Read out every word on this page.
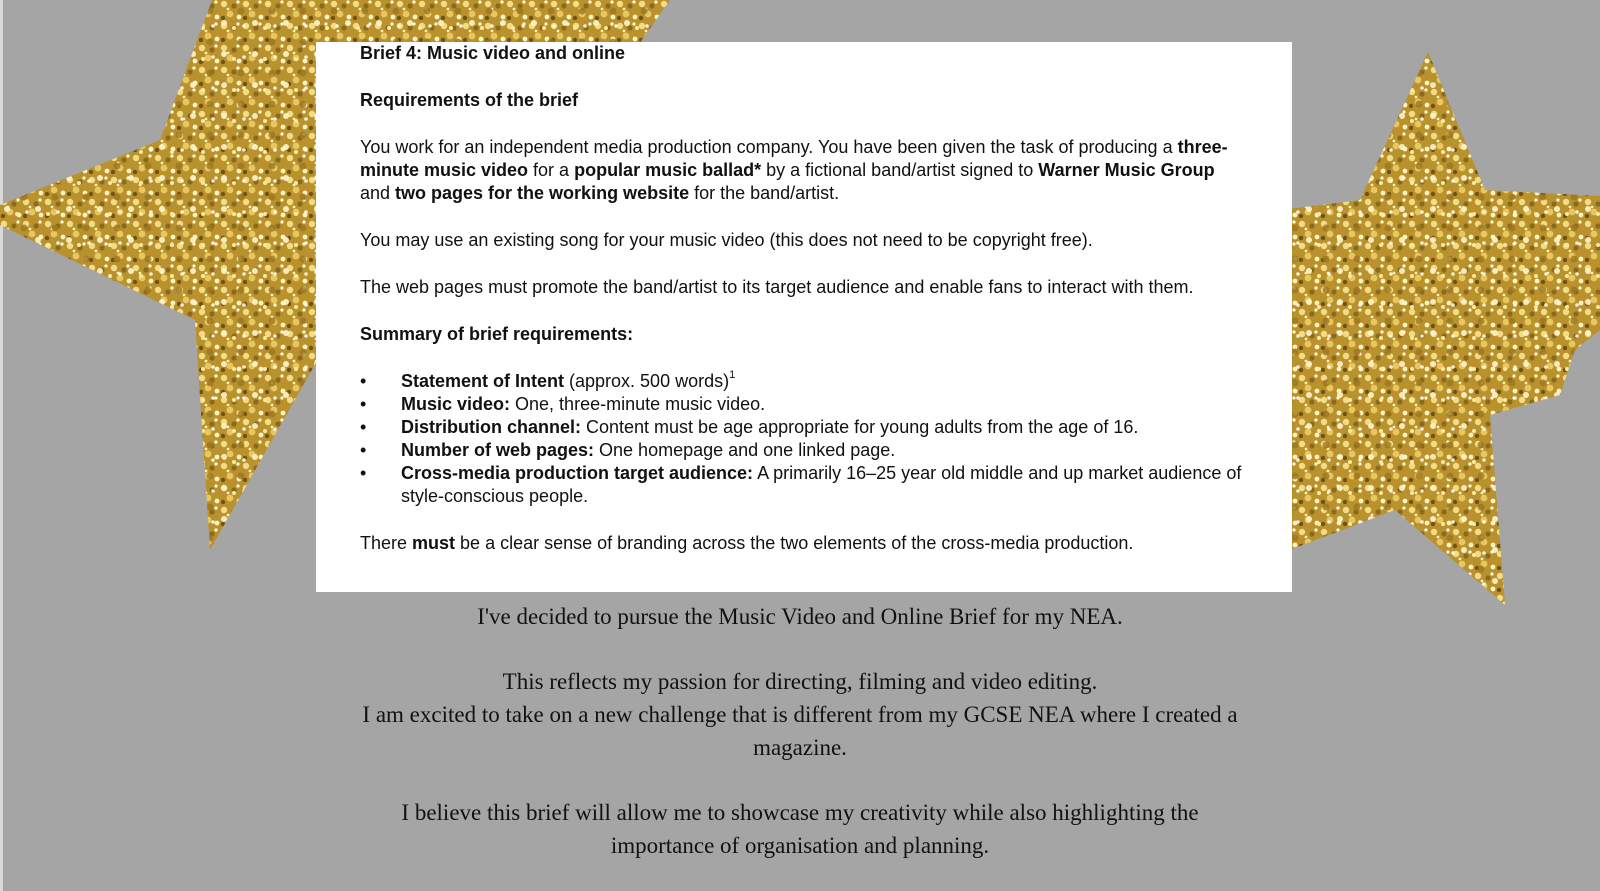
Brief 4: Music video and online

Requirements of the brief

You work for an independent media production company. You have been given the task of producing a three-minute music video for a popular music ballad* by a fictional band/artist signed to Warner Music Group and two pages for the working website for the band/artist.

You may use an existing song for your music video (this does not need to be copyright free).

The web pages must promote the band/artist to its target audience and enable fans to interact with them.

Summary of brief requirements:

• Statement of Intent (approx. 500 words)$^1$
• Music video: One, three-minute music video.
• Distribution channel: Content must be age appropriate for young adults from the age of 16.
• Number of web pages: One homepage and one linked page.
• Cross-media production target audience: A primarily 16–25 year old middle and up market audience of style-conscious people.

There must be a clear sense of branding across the two elements of the cross-media production.

I've decided to pursue the Music Video and Online Brief for my NEA.

This reflects my passion for directing, filming and video editing.

I am excited to take on a new challenge that is different from my GCSE NEA where I created a magazine.

I believe this brief will allow me to showcase my creativity while also highlighting the importance of organisation and planning.
